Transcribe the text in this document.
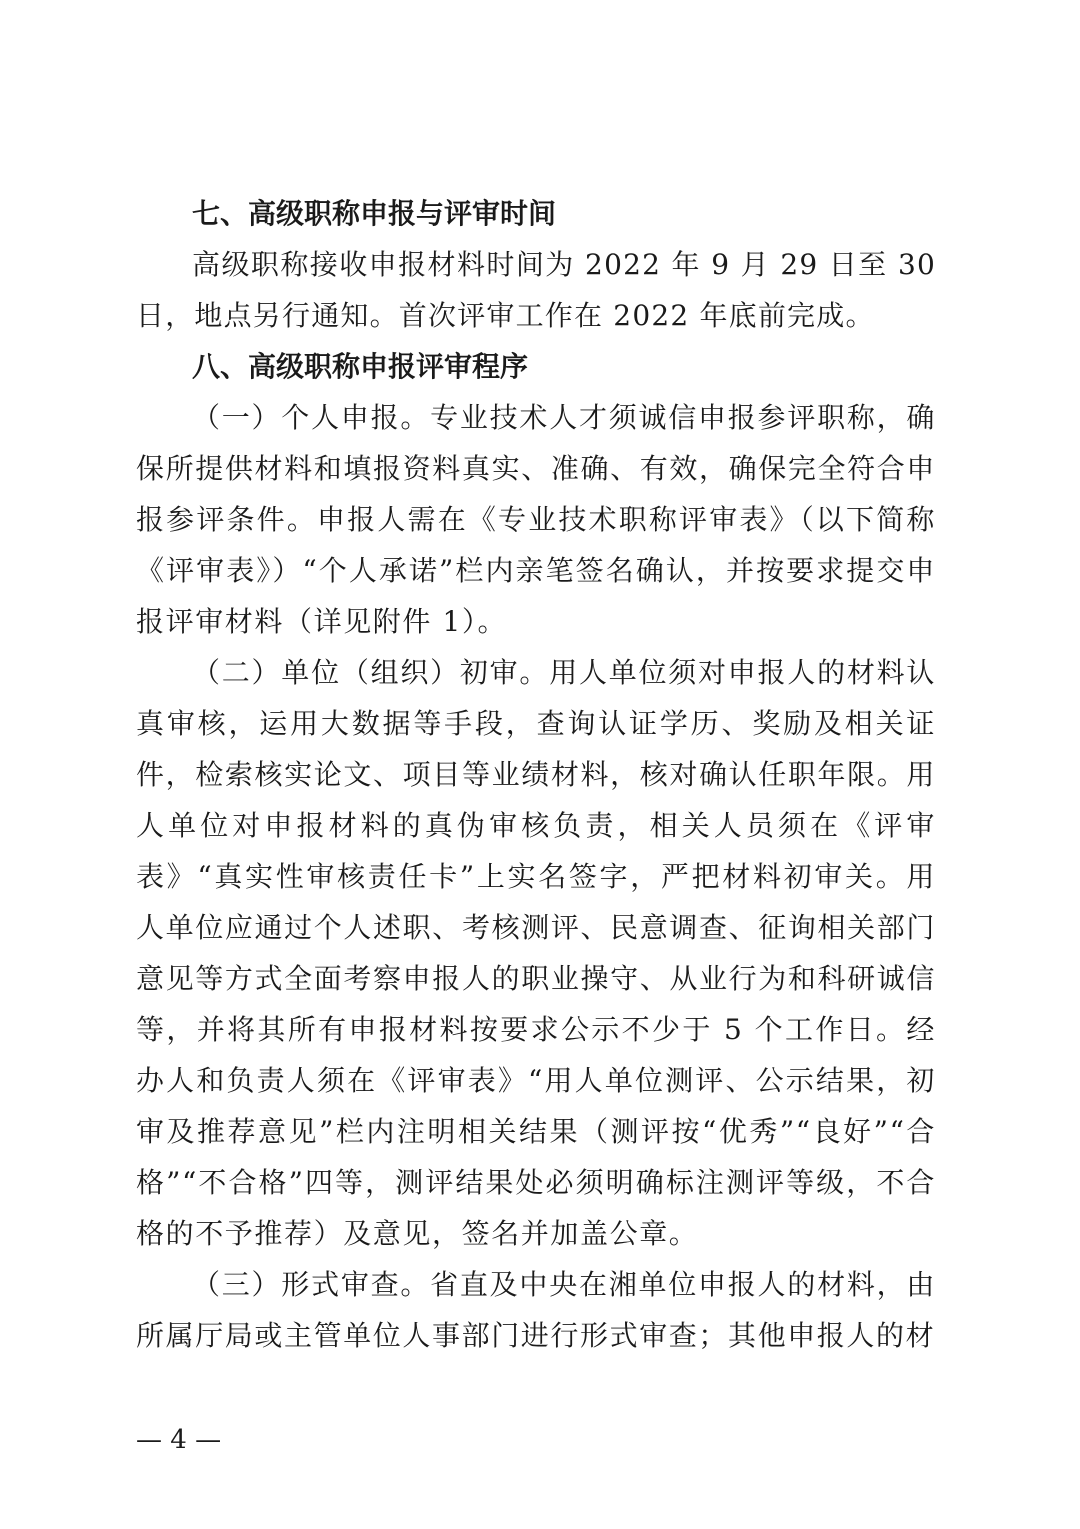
七、高级职称申报与评审时间

高级职称接收申报材料时间为 2022 年 9 月 29 日至 30 日，地点另行通知。首次评审工作在 2022 年底前完成。

八、高级职称申报评审程序

（一）个人申报。专业技术人才须诚信申报参评职称，确保所提供材料和填报资料真实、准确、有效，确保完全符合申报参评条件。申报人需在《专业技术职称评审表》（以下简称《评审表》）“个人承诺”栏内亲笔签名确认，并按要求提交申报评审材料（详见附件 1）。

（二）单位（组织）初审。用人单位须对申报人的材料认真审核，运用大数据等手段，查询认证学历、奖励及相关证件，检索核实论文、项目等业绩材料，核对确认任职年限。用人单位对申报材料的真伪审核负责，相关人员须在《评审表》“真实性审核责任卡”上实名签字，严把材料初审关。用人单位应通过个人述职、考核测评、民意调查、征询相关部门意见等方式全面考察申报人的职业操守、从业行为和科研诚信等，并将其所有申报材料按要求公示不少于 5 个工作日。经办人和负责人须在《评审表》“用人单位测评、公示结果，初审及推荐意见”栏内注明相关结果（测评按“优秀”“良好”“合格”“不合格”四等，测评结果处必须明确标注测评等级，不合格的不予推荐）及意见，签名并加盖公章。

（三）形式审查。省直及中央在湘单位申报人的材料，由所属厅局或主管单位人事部门进行形式审查；其他申报人的材

— 4 —
